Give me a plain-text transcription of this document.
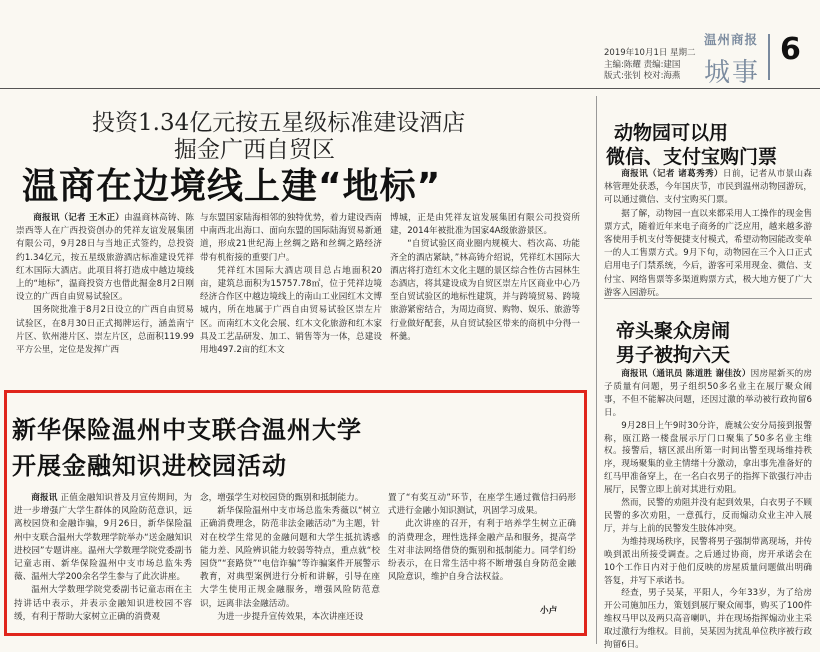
2019年10月1日 星期二
主编:陈耀 责编:建国
版式:张钊 校对:海燕
温州商报
城事
6
投资1.34亿元按五星级标准建设酒店
掘金广西自贸区
温商在边境线上建“地标”

商报讯（记者 王木正）由温商林高铸、陈崇西等人在广西投资创办的凭祥友谊发展集团有限公司，9月28日与当地正式签约，总投资约1.34亿元，按五星级旅游酒店标准建设凭祥红木国际大酒店。此项目将打造成中越边境线上的“地标”，温商投资方也借此掘金8月2日刚设立的广西自由贸易试验区。

国务院批准于8月2日设立的广西自由贸易试验区，在8月30日正式揭牌运行，涵盖南宁片区、钦州港片区、崇左片区，总面积119.99平方公里，定位是发挥广西

与东盟国家陆海相邻的独特优势，着力建设西南中南西北出海口、面向东盟的国际陆海贸易新通道，形成21世纪海上丝绸之路和丝绸之路经济带有机衔接的重要门户。

凭祥红木国际大酒店项目总占地面积20亩，建筑总面积为15757.78㎡，位于凭祥边境经济合作区中越边境线上的南山工业园红木文博城内，所在地属于广西自由贸易试验区崇左片区。而南红木文化会展、红木文化旅游和红木家具及工艺品研发、加工、销售等为一体，总建设用地497.2亩的红木文

博城，正是由凭祥友谊发展集团有限公司投资所建，2014年被批准为国家4A级旅游景区。

“自贸试验区商业圈内规模大、档次高、功能齐全的酒店紧缺，”林高铸介绍说，凭祥红木国际大酒店将打造红木文化主题的景区综合性仿古园林生态酒店，将其建设成为自贸区崇左片区商业中心乃至自贸试验区的地标性建筑，并与跨境贸易、跨境旅游紧密结合，为周边商贸、购物、娱乐、旅游等行业做好配套，从自贸试验区带来的商机中分得一杯羹。

新华保险温州中支联合温州大学
开展金融知识进校园活动

商报讯 正值金融知识普及月宣传期间，为进一步增强广大学生群体的风险防范意识，远离校园贷和金融诈骗，9月26日，新华保险温州中支联合温州大学数理学院举办“送金融知识进校园”专题讲座。温州大学数理学院党委副书记童志雨、新华保险温州中支市场总监朱秀薇、温州大学200余名学生参与了此次讲座。

温州大学数理学院党委副书记童志雨在主持讲话中表示，并表示金融知识进校园不容缓，有利于帮助大家树立正确的消费观

念，增强学生对校园贷的甄别和抵制能力。

新华保险温州中支市场总监朱秀薇以“树立正确消费理念，防范非法金融活动”为主题，针对在校学生常见的金融问题和大学生抵抗诱惑能力差、风险辨识能力较弱等特点，重点就“校园贷”“套路贷”“电信诈骗”等诈骗案件开展警示教育，对典型案例进行分析和讲解，引导在座大学生使用正规金融服务，增强风险防范意识，远离非法金融活动。

为进一步提升宣传效果，本次讲座还设

置了“有奖互动”环节，在座学生通过微信扫码形式进行金融小知识测试，巩固学习成果。

此次讲座的召开，有利于培养学生树立正确的消费理念，理性选择金融产品和服务，提高学生对非法网络借贷的甄别和抵制能力。同学们纷纷表示，在日常生活中将不断增强自身防范金融风险意识，维护自身合法权益。

小卢
动物园可以用
微信、支付宝购门票

商报讯（记者 诸葛秀秀）日前，记者从市景山森林管理处获悉，今年国庆节，市民到温州动物园游玩，可以通过微信、支付宝购买门票。

据了解，动物园一直以来都采用人工操作的现金售票方式，随着近年来电子商务的广泛应用，越来越多游客使用手机支付等便捷支付模式，希望动物园能改变单一的人工售票方式。9月下旬，动物园在三个入口正式启用电子门禁系统，今后，游客可采用现金、微信、支付宝、网络售票等多渠道购票方式，极大地方便了广大游客入园游玩。

帝头聚众房闹
男子被拘六天

商报讯（通讯员 陈道胜 谢佳汝）因房屋新买的房子质量有问题，男子组织50多名业主在展厅聚众闹事，不但不能解决问题，还因过激的举动被行政拘留6日。

9月28日上午9时30分许，鹿城公安分局接到报警称，瓯江路一楼盘展示厅门口聚集了50多名业主维权。接警后，辖区派出所第一时间出警至现场维持秩序，现场聚集的业主情绪十分激动，拿出事先准备好的红马甲准备穿上，在一名白衣男子的指挥下欲强行冲击展厅，民警立即上前对其进行劝阻。

然而，民警的劝阻并没有起到效果，白衣男子不顾民警的多次劝阻，一意孤行，反而煽动众业主冲入展厅，并与上前的民警发生肢体冲突。

为维持现场秩序，民警将男子强制带离现场，并传唤到派出所接受调查。之后通过协商，房开承诺会在10个工作日内对于他们反映的房屋质量问题做出明确答复，并写下承诺书。

经查，男子吴某，平阳人，今年33岁，为了给房开公司施加压力，策划到展厅聚众闹事，购买了100件维权马甲以及两只高音喇叭，并在现场指挥煽动业主采取过激行为维权。目前，吴某因为扰乱单位秩序被行政拘留6日。
